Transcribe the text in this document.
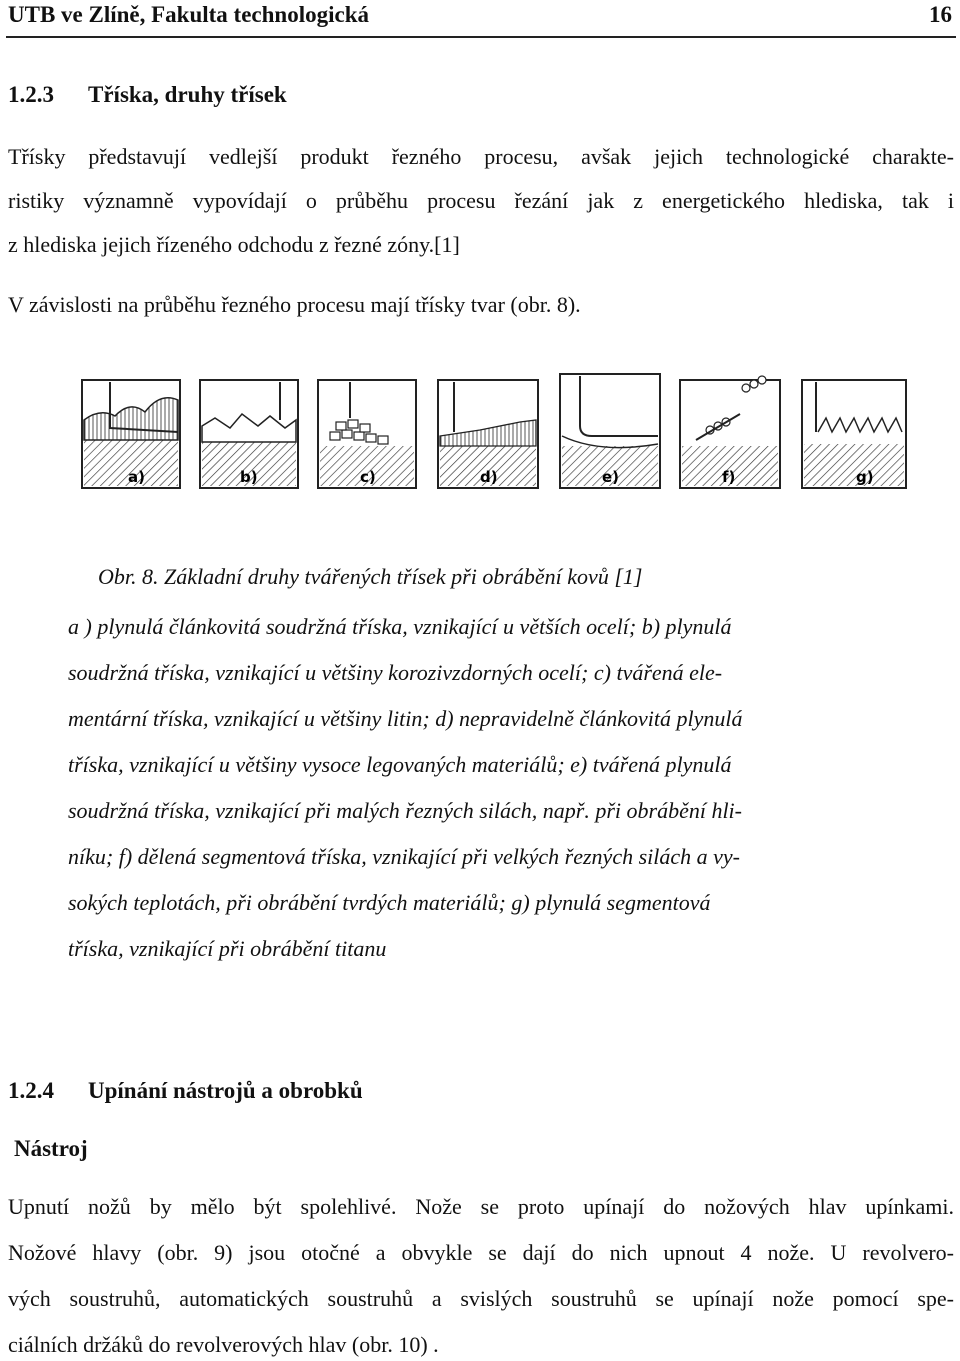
UTB ve Zlíně, Fakulta technologická	16
1.2.3 Tříska, druhy třísek
Třísky představují vedlejší produkt řezného procesu, avšak jejich technologické charakte-
ristiky významně vypovídají o průběhu procesu řezání jak z energetického hlediska, tak i
z hlediska jejich řízeného odchodu z řezné zóny.[1]
V závislosti na průběhu řezného procesu mají třísky tvar (obr. 8).
a)	b)	c)	d)	e)	f)	g)
Obr. 8. Základní druhy tvářených třísek při obrábění kovů [1]
a ) plynulá článkovitá soudržná tříska, vznikající u větších ocelí; b) plynulá
soudržná tříska, vznikající u většiny korozivzdorných ocelí; c) tvářená ele-
mentární tříska, vznikající u většiny litin; d) nepravidelně článkovitá plynulá
tříska, vznikající u většiny vysoce legovaných materiálů; e) tvářená plynulá
soudržná tříska, vznikající při malých řezných silách, např. při obrábění hli-
níku; f) dělená segmentová tříska, vznikající při velkých řezných silách a vy-
sokých teplotách, při obrábění tvrdých materiálů; g) plynulá segmentová
tříska, vznikající při obrábění titanu
1.2.4 Upínání nástrojů a obrobků
Nástroj
Upnutí nožů by mělo být spolehlivé. Nože se proto upínají do nožových hlav upínkami.
Nožové hlavy (obr. 9) jsou otočné a obvykle se dají do nich upnout 4 nože. U revolvero-
vých soustruhů, automatických soustruhů a svislých soustruhů se upínají nože pomocí spe-
ciálních držáků do revolverových hlav (obr. 10) .
